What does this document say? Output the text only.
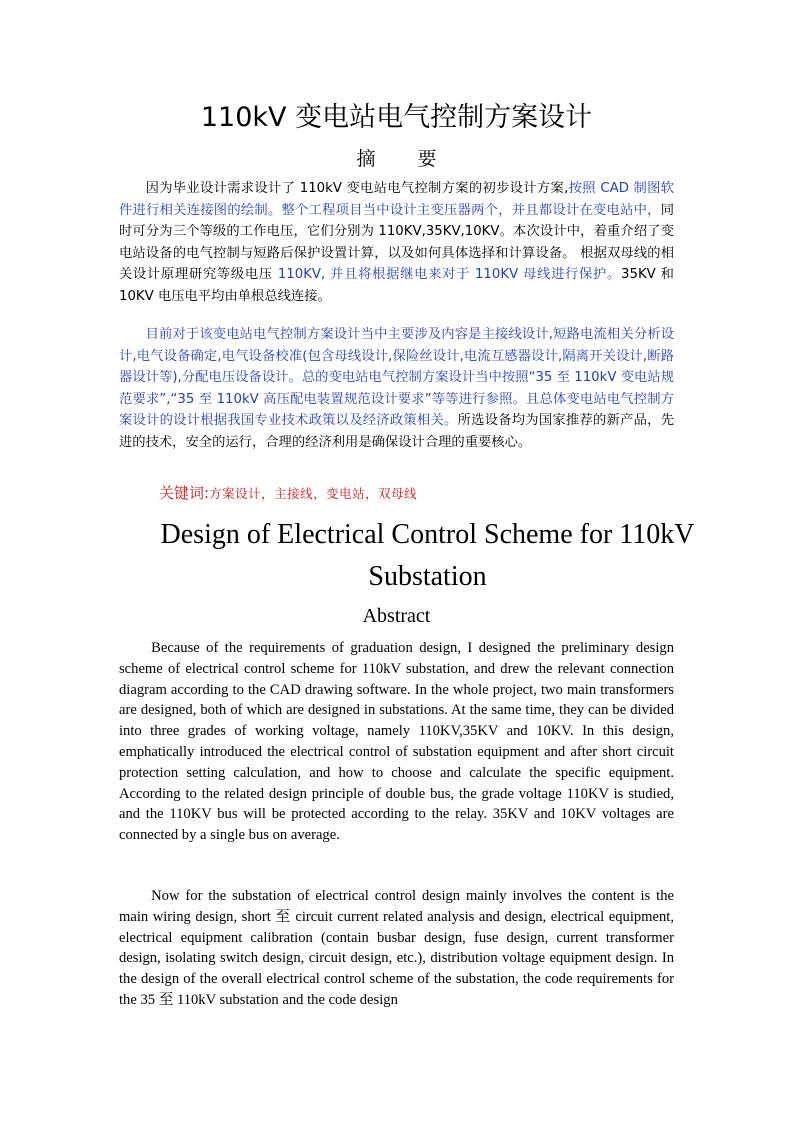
110kV 变电站电气控制方案设计
摘 要

因为毕业设计需求设计了 110kV 变电站电气控制方案的初步设计方案,按照 CAD 制图软件进行相关连接图的绘制。整个工程项目当中设计主变压器两个，并且都设计在变电站中，同时可分为三个等级的工作电压，它们分别为 110KV,35KV,10KV。本次设计中，着重介绍了变电站设备的电气控制与短路后保护设置计算，以及如何具体选择和计算设备。 根据双母线的相关设计原理研究等级电压 110KV, 并且将根据继电来对于 110KV 母线进行保护。35KV 和 10KV 电压电平均由单根总线连接。

目前对于该变电站电气控制方案设计当中主要涉及内容是主接线设计,短路电流相关分析设计,电气设备确定,电气设备校准(包含母线设计,保险丝设计,电流互感器设计,隔离开关设计,断路器设计等),分配电压设备设计。总的变电站电气控制方案设计当中按照“35 至 110kV 变电站规范要求”,“35 至 110kV 高压配电装置规范设计要求”等等进行参照。且总体变电站电气控制方案设计的设计根据我国专业技术政策以及经济政策相关。所选设备均为国家推荐的新产品，先进的技术，安全的运行，合理的经济利用是确保设计合理的重要核心。

关键词:方案设计，主接线，变电站，双母线
Design of Electrical Control Scheme for 110kV Substation
Abstract

Because of the requirements of graduation design, I designed the preliminary design scheme of electrical control scheme for 110kV substation, and drew the relevant connection diagram according to the CAD drawing software. In the whole project, two main transformers are designed, both of which are designed in substations. At the same time, they can be divided into three grades of working voltage, namely 110KV,35KV and 10KV. In this design, emphatically introduced the electrical control of substation equipment and after short circuit protection setting calculation, and how to choose and calculate the specific equipment. According to the related design principle of double bus, the grade voltage 110KV is studied, and the 110KV bus will be protected according to the relay. 35KV and 10KV voltages are connected by a single bus on average.

Now for the substation of electrical control design mainly involves the content is the main wiring design, short 至 circuit current related analysis and design, electrical equipment, electrical equipment calibration (contain busbar design, fuse design, current transformer design, isolating switch design, circuit design, etc.), distribution voltage equipment design. In the design of the overall electrical control scheme of the substation, the code requirements for the 35 至 110kV substation and the code design
